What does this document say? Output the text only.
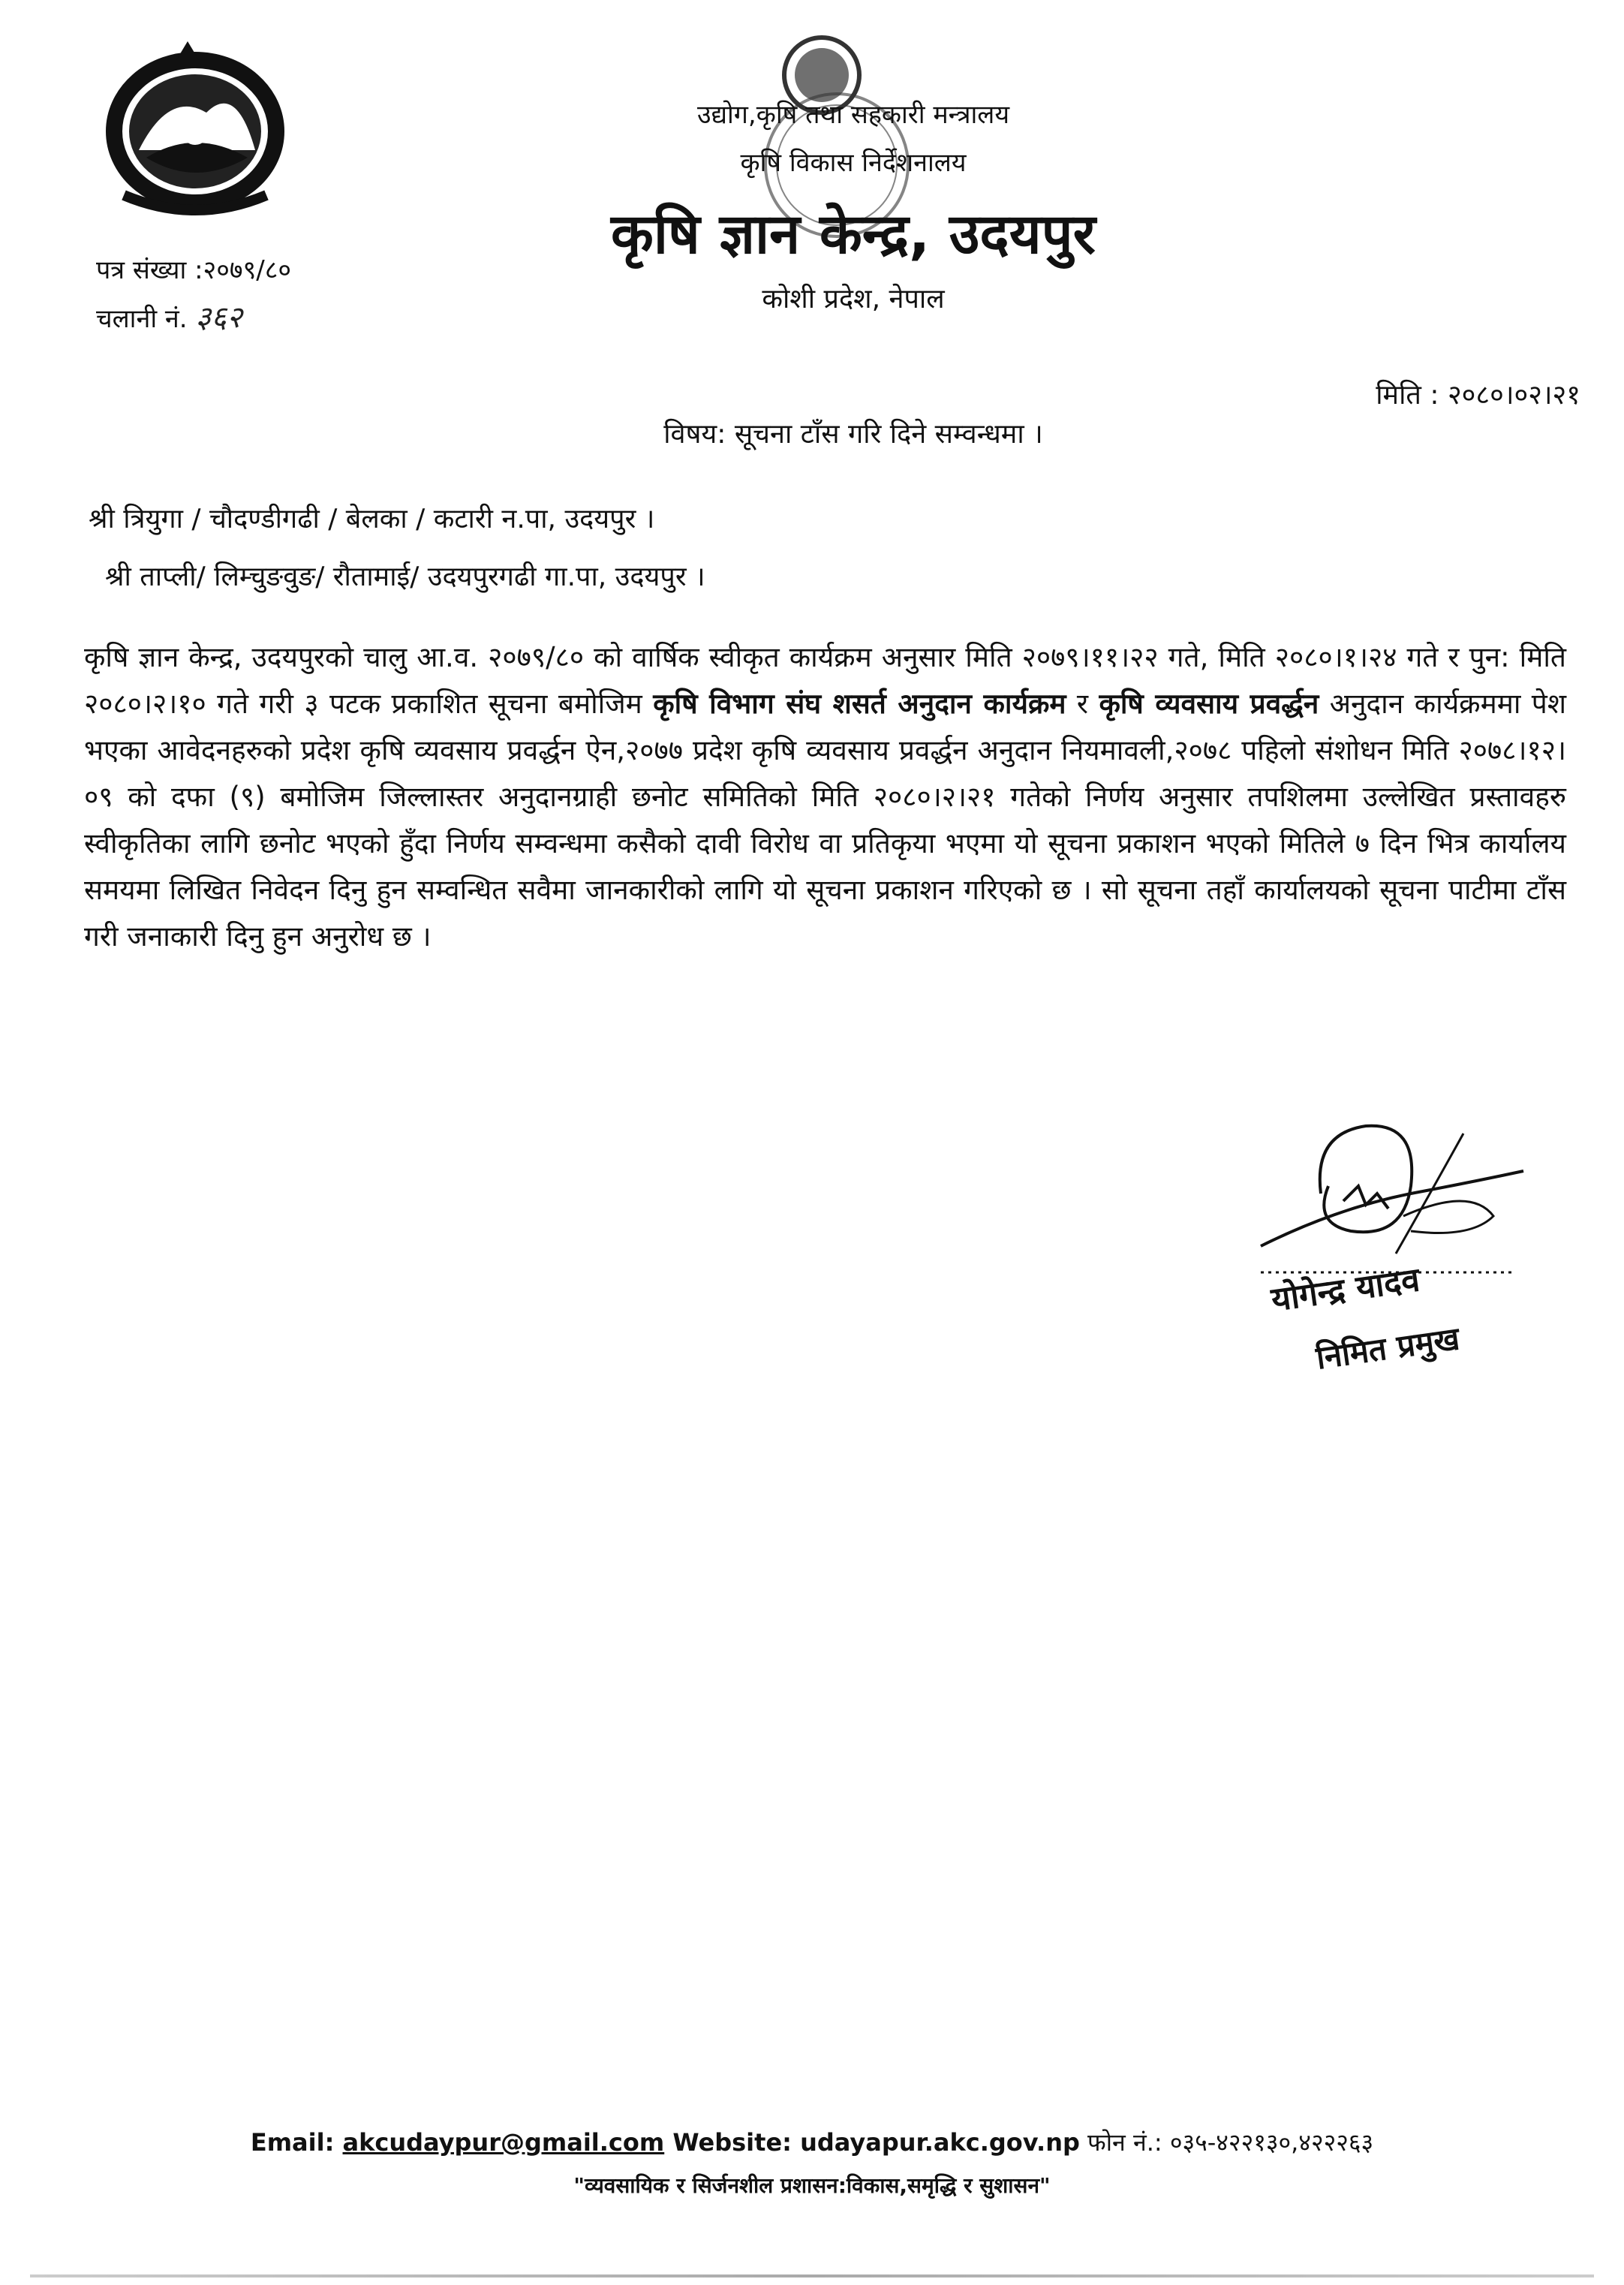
उद्योग,कृषि तथा सहकारी मन्त्रालय
कृषि विकास निर्देशनालय
कृषि ज्ञान केन्द्र, उदयपुर
कोशी प्रदेश, नेपाल
पत्र संख्या :२०७९/८०
चलानी नं. ३६२
मिति : २०८०।०२।२१
विषय: सूचना टाँस गरि दिने सम्वन्धमा ।
श्री त्रियुगा / चौदण्डीगढी / बेलका / कटारी न.पा, उदयपुर ।
श्री ताप्ली/ लिम्चुङवुङ/ रौतामाई/ उदयपुरगढी गा.पा, उदयपुर ।
कृषि ज्ञान केन्द्र, उदयपुरको चालु आ.व. २०७९/८० को वार्षिक स्वीकृत कार्यक्रम अनुसार मिति २०७९।११।२२ गते, मिति २०८०।१।२४ गते र पुन: मिति २०८०।२।१० गते गरी ३ पटक प्रकाशित सूचना बमोजिम कृषि विभाग संघ शसर्त अनुदान कार्यक्रम र कृषि व्यवसाय प्रवर्द्धन अनुदान कार्यक्रममा पेश भएका आवेदनहरुको प्रदेश कृषि व्यवसाय प्रवर्द्धन ऐन,२०७७ प्रदेश कृषि व्यवसाय प्रवर्द्धन अनुदान नियमावली,२०७८ पहिलो संशोधन मिति २०७८।१२।०९ को दफा (९) बमोजिम जिल्लास्तर अनुदानग्राही छनोट समितिको मिति २०८०।२।२१ गतेको निर्णय अनुसार तपशिलमा उल्लेखित प्रस्तावहरु स्वीकृतिका लागि छनोट भएको हुँदा निर्णय सम्वन्धमा कसैको दावी विरोध वा प्रतिकृया भएमा यो सूचना प्रकाशन भएको मितिले ७ दिन भित्र कार्यालय समयमा लिखित निवेदन दिनु हुन सम्वन्धित सवैमा जानकारीको लागि यो सूचना प्रकाशन गरिएको छ । सो सूचना तहाँ कार्यालयको सूचना पाटीमा टाँस गरी जनाकारी दिनु हुन अनुरोध छ ।
योगेन्द्र यादव
निमित प्रमुख
Email: akcudaypur@gmail.com Website: udayapur.akc.gov.np फोन नं.: ०३५-४२२१३०,४२२२६३
"व्यवसायिक र सिर्जनशील प्रशासन:विकास,समृद्धि र सुशासन"
